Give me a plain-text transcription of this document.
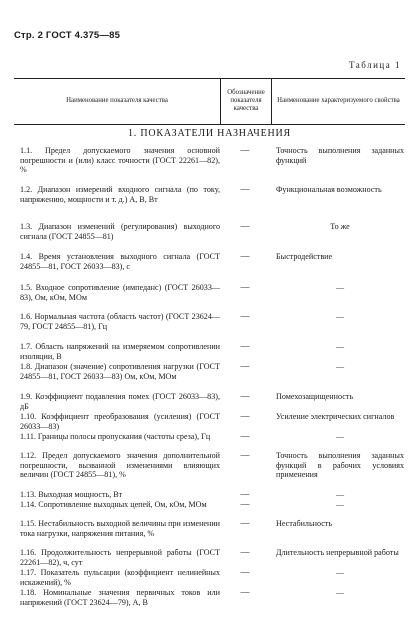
Стр. 2 ГОСТ 4.375—85
Таблица 1
Наименование показателя качества
Обозначение показателя качества
Наименование характеризуемого свойства
1. ПОКАЗАТЕЛИ НАЗНАЧЕНИЯ
1.1. Предел допускаемого значения основной погрешности и (или) класс точности (ГОСТ 22261—82), %
—	Точность выполнения заданных функций
1.2. Диапазон измерений входного сигнала (по току, напряжению, мощности и т. д.) А, В, Вт
—	Функциональная возможность
1.3. Диапазон изменений (регулирования) выходного сигнала (ГОСТ 24855—81)
—	То же
1.4. Время установления выходного сигнала (ГОСТ 24855—81, ГОСТ 26033—83), с
—	Быстродействие
1.5. Входное сопротивление (импеданс) (ГОСТ 26033—83), Ом, кОм, МОм
—	—
1.6. Нормальная частота (область частот) (ГОСТ 23624—79, ГОСТ 24855—81), Гц
—	—
1.7. Область напряжений на измеряемом сопротивлении изоляции, В
—	—
1.8. Диапазон (значение) сопротивления нагрузки (ГОСТ 24855—81, ГОСТ 26033—83) Ом, кОм, МОм
—	—
1.9. Коэффициент подавления помех (ГОСТ 26033—83), дБ
—	Помехозащищенность
1.10. Коэффициент преобразования (усиления) (ГОСТ 26033—83)
—	Усиление электрических сигналов
1.11. Границы полосы пропускания (частоты среза), Гц	—	—
1.12. Предел допускаемого значения дополнительной погрешности, вызванной изменениями влияющих величин (ГОСТ 24855—81), %
—	Точность выполнения заданных функций в рабочих условиях применения
1.13. Выходная мощность, Вт	—	—
1.14. Сопротивление выходных цепей, Ом, кОм, МОм	—	—
1.15. Нестабильность выходной величины при изменении тока нагрузки, напряжения питания, %
—	Нестабильность
1.16. Продолжительность непрерывной работы (ГОСТ 22261—82), ч, сут
—	Длительность непрерывной работы
1.17. Показатель пульсации (коэффициент нелинейных искажений), %
—	—
1.18. Номинальные значения первичных токов или напряжений (ГОСТ 23624—79), А, В
—	—
